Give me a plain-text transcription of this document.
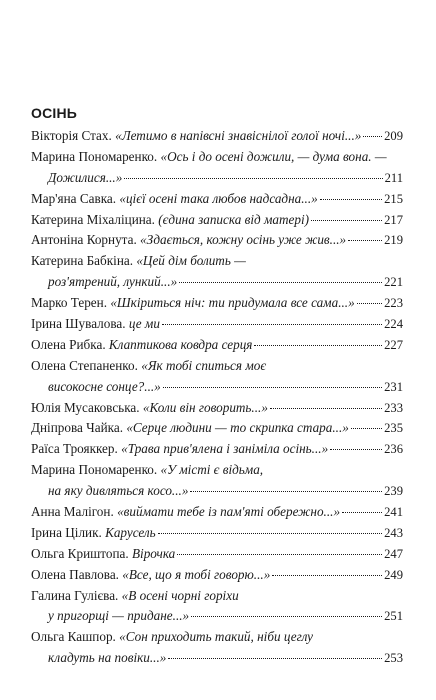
ОСІНЬ
Вікторія Стах.
«Летимо в напівсні знавіснілої голої ночі...» 209
Марина Пономаренко.
«Ось і до осені дожили, — дума вона. —
Дожилися...»	211
Мар'яна Савка.
«цієї осені така любов надсадна...»	215
Катерина Міхаліцина.
(єдина записка від матері)	217
Антоніна Корнута.
«Здається, кожну осінь уже жив...»	219
Катерина Бабкіна.
«Цей дім болить —
роз'ятрений, лункий...»	221
Марко Терен.
«Шкіриться ніч: ти придумала все сама...» 223
Ірина Шувалова.
це ми	224
Олена Рибка.
Клаптикова ковдра серця	227
Олена Степаненко.
«Як тобі спиться моє
високосне сонце?...»	231
Юлія Мусаковська.
«Коли він говорить...»	233
Дніпрова Чайка.
«Серце людини — то скрипка стара...»	235
Раїса Трояккер.
«Трава прив'ялена і заніміла осінь...»	236
Марина Пономаренко.
«У місті є відьма,
на яку дивляться косо...»	239
Анна Малігон.
«виймати тебе із пам'яті обережно...»	241
Ірина Цілик.
Карусель	243
Ольга Криштопа.
Вірочка	247
Олена Павлова.
«Все, що я тобі говорю...»	249
Галина Гулієва.
«В осені чорні горіхи
у пригорщі — придане...»	251
Ольга Кашпор.
«Сон приходить такий, ніби цеглу
кладуть на повіки...»	253
